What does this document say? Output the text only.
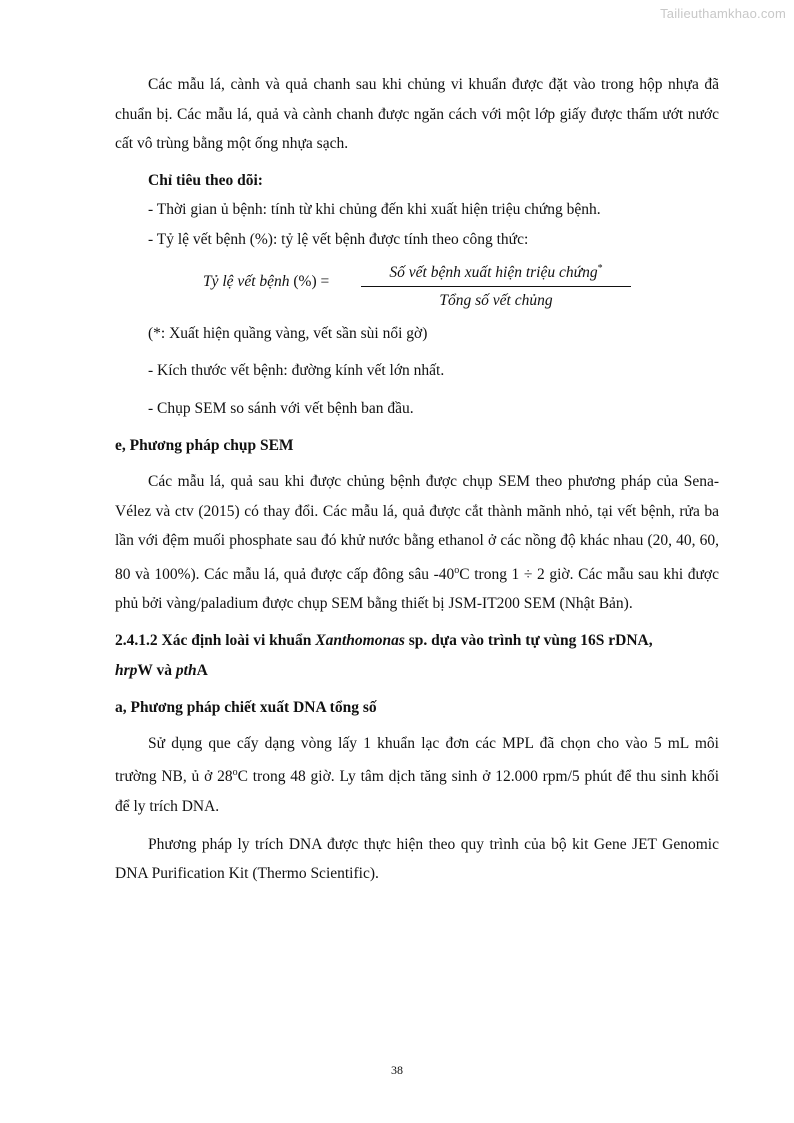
Tailieuthamkhao.com

Các mẫu lá, cành và quả chanh sau khi chủng vi khuẩn được đặt vào trong hộp nhựa đã chuẩn bị. Các mẫu lá, quả và cành chanh được ngăn cách với một lớp giấy được thấm ướt nước cất vô trùng bằng một ống nhựa sạch.

Chỉ tiêu theo dõi:

- Thời gian ủ bệnh: tính từ khi chủng đến khi xuất hiện triệu chứng bệnh.

- Tỷ lệ vết bệnh (%): tỷ lệ vết bệnh được tính theo công thức:

Tỷ lệ vết bệnh (%) =
Số vết bệnh xuất hiện triệu chứng*
Tổng số vết chủng

(*: Xuất hiện quầng vàng, vết sần sùi nổi gờ)

- Kích thước vết bệnh: đường kính vết lớn nhất.

- Chụp SEM so sánh với vết bệnh ban đầu.

e, Phương pháp chụp SEM

Các mẫu lá, quả sau khi được chủng bệnh được chụp SEM theo phương pháp của Sena-Vélez và ctv (2015) có thay đổi. Các mẫu lá, quả được cắt thành mãnh nhỏ, tại vết bệnh, rửa ba lần với đệm muối phosphate sau đó khử nước bằng ethanol ở các nồng độ khác nhau (20, 40, 60, 80 và 100%). Các mẫu lá, quả được cấp đông sâu -40$^o$C trong 1 ÷ 2 giờ. Các mẫu sau khi được phủ bởi vàng/paladium được chụp SEM bằng thiết bị JSM-IT200 SEM (Nhật Bản).

2.4.1.2 Xác định loài vi khuẩn Xanthomonas sp. dựa vào trình tự vùng 16S rDNA,
hrpW và pthA

a, Phương pháp chiết xuất DNA tổng số

Sử dụng que cấy dạng vòng lấy 1 khuẩn lạc đơn các MPL đã chọn cho vào 5 mL môi trường NB, ủ ở 28$^o$C trong 48 giờ. Ly tâm dịch tăng sinh ở 12.000 rpm/5 phút để thu sinh khối để ly trích DNA.

Phương pháp ly trích DNA được thực hiện theo quy trình của bộ kit Gene JET Genomic DNA Purification Kit (Thermo Scientific).

38
